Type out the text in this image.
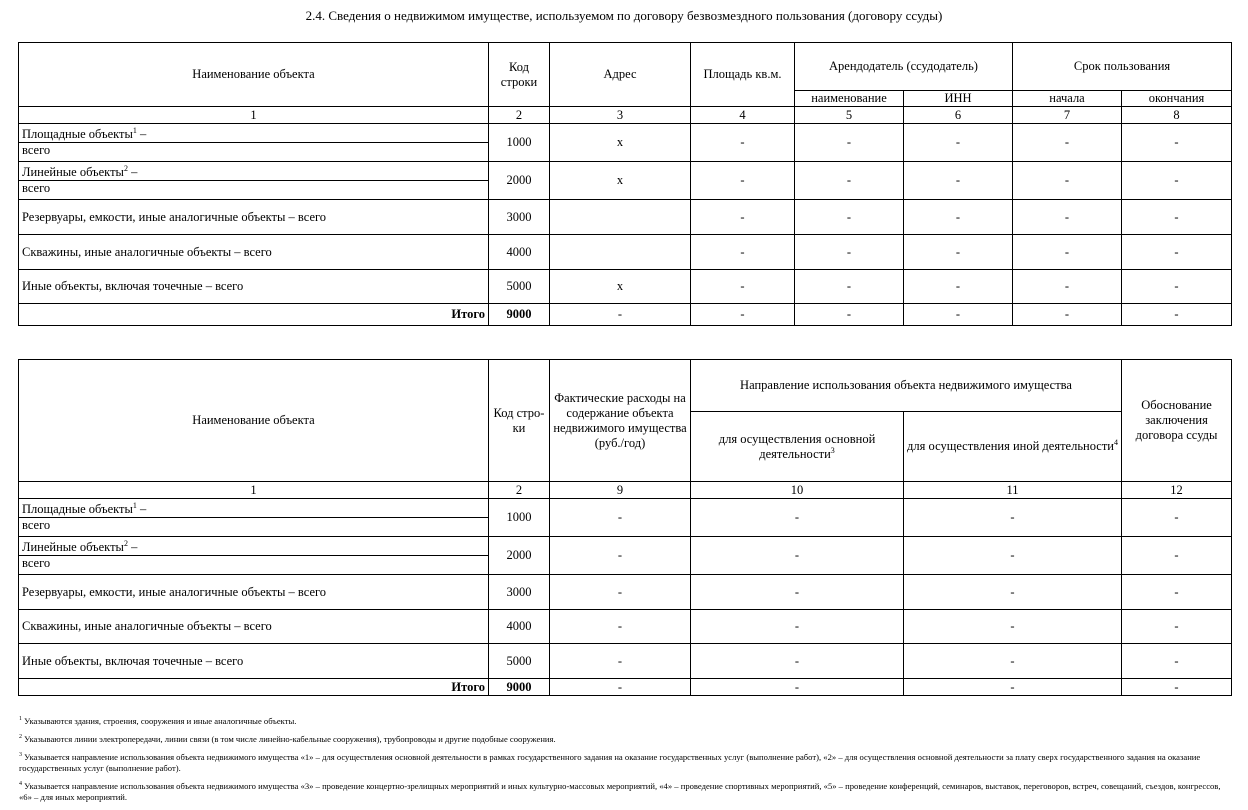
2.4. Сведения о недвижимом имуществе, используемом по договору безвозмездного пользования (договору ссуды)
Наименование объекта	Код строки	Адрес	Площадь кв.м.	Арендодатель (ссудодатель)		Срок пользования	
				наименование	ИНН	начала	окончания
1	2	3	4	5	6	7	8
Площадные объекты$^1$ –
всего	1000	x	-	-	-	-	-
Линейные объекты$^2$ –
всего	2000	x	-	-	-	-	-
Резервуары, емкости, иные аналогичные объекты – всего	3000		-	-	-	-	-
Скважины, иные аналогичные объекты – всего	4000		-	-	-	-	-
Иные объекты, включая точечные – всего	5000	x	-	-	-	-	-
Итого	9000	-	-	-	-	-	-
Наименование объекта	Код стро-ки	Фактические расходы на содержание объекта недвижимого имущества (руб./год)	Направление использования объекта недвижимого имущества		Обоснование заключения договора ссуды
			для осуществления основной деятельности$^3$	для осуществления иной деятельности$^4$
1	2	9	10	11	12
Площадные объекты$^1$ –
всего	1000	-	-	-	-
Линейные объекты$^2$ –
всего	2000	-	-	-	-
Резервуары, емкости, иные аналогичные объекты – всего	3000	-	-	-	-
Скважины, иные аналогичные объекты – всего	4000	-	-	-	-
Иные объекты, включая точечные – всего	5000	-	-	-	-
Итого	9000	-	-	-	-
$^1$ Указываются здания, строения, сооружения и иные аналогичные объекты.
$^2$ Указываются линии электропередачи, линии связи (в том числе линейно-кабельные сооружения), трубопроводы и другие подобные сооружения.
$^3$ Указывается направление использования объекта недвижимого имущества «1» – для осуществления основной деятельности в рамках государственного задания на оказание государственных услуг (выполнение работ), «2» – для осуществления основной деятельности за плату сверх государственного задания на оказание государственных услуг (выполнение работ).
$^4$ Указывается направление использования объекта недвижимого имущества «3» – проведение концертно-зрелищных мероприятий и иных культурно-массовых мероприятий, «4» – проведение спортивных мероприятий, «5» – проведение конференций, семинаров, выставок, переговоров, встреч, совещаний, съездов, конгрессов, «6» – для иных мероприятий.
